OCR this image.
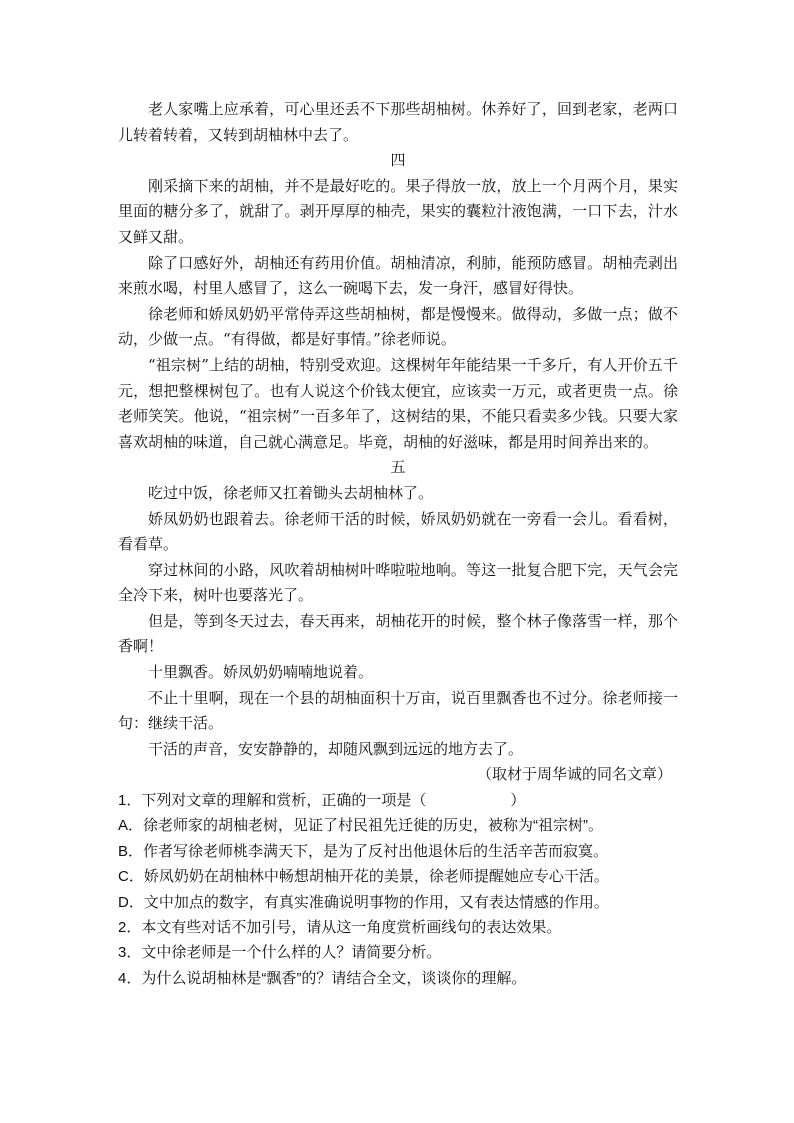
老人家嘴上应承着，可心里还丢不下那些胡柚树。休养好了，回到老家，老两口儿转着转着，又转到胡柚林中去了。

四

刚采摘下来的胡柚，并不是最好吃的。果子得放一放，放上一个月两个月，果实里面的糖分多了，就甜了。剥开厚厚的柚壳，果实的囊粒汁液饱满，一口下去，汁水又鲜又甜。

除了口感好外，胡柚还有药用价值。胡柚清凉，利肺，能预防感冒。胡柚壳剥出来煎水喝，村里人感冒了，这么一碗喝下去，发一身汗，感冒好得快。

徐老师和娇凤奶奶平常侍弄这些胡柚树，都是慢慢来。做得动，多做一点；做不动，少做一点。“有得做，都是好事情。”徐老师说。

“祖宗树”上结的胡柚，特别受欢迎。这棵树年年能结果一千多斤，有人开价五千元，想把整棵树包了。也有人说这个价钱太便宜，应该卖一万元，或者更贵一点。徐老师笑笑。他说，“祖宗树”一百多年了，这树结的果，不能只看卖多少钱。只要大家喜欢胡柚的味道，自己就心满意足。毕竟，胡柚的好滋味，都是用时间养出来的。

五

吃过中饭，徐老师又扛着锄头去胡柚林了。

娇凤奶奶也跟着去。徐老师干活的时候，娇凤奶奶就在一旁看一会儿。看看树，看看草。

穿过林间的小路，风吹着胡柚树叶哗啦啦地响。等这一批复合肥下完，天气会完全冷下来，树叶也要落光了。

但是，等到冬天过去，春天再来，胡柚花开的时候，整个林子像落雪一样，那个香啊！

十里飘香。娇凤奶奶喃喃地说着。

不止十里啊，现在一个县的胡柚面积十万亩，说百里飘香也不过分。徐老师接一句：继续干活。

干活的声音，安安静静的，却随风飘到远远的地方去了。

（取材于周华诚的同名文章）

1．下列对文章的理解和赏析，正确的一项是（	）

A．徐老师家的胡柚老树，见证了村民祖先迁徙的历史，被称为“祖宗树”。

B．作者写徐老师桃李满天下，是为了反衬出他退休后的生活辛苦而寂寞。

C．娇凤奶奶在胡柚林中畅想胡柚开花的美景，徐老师提醒她应专心干活。

D．文中加点的数字，有真实准确说明事物的作用，又有表达情感的作用。

2．本文有些对话不加引号，请从这一角度赏析画线句的表达效果。

3．文中徐老师是一个什么样的人？请简要分析。

4．为什么说胡柚林是“飘香”的？请结合全文，谈谈你的理解。
